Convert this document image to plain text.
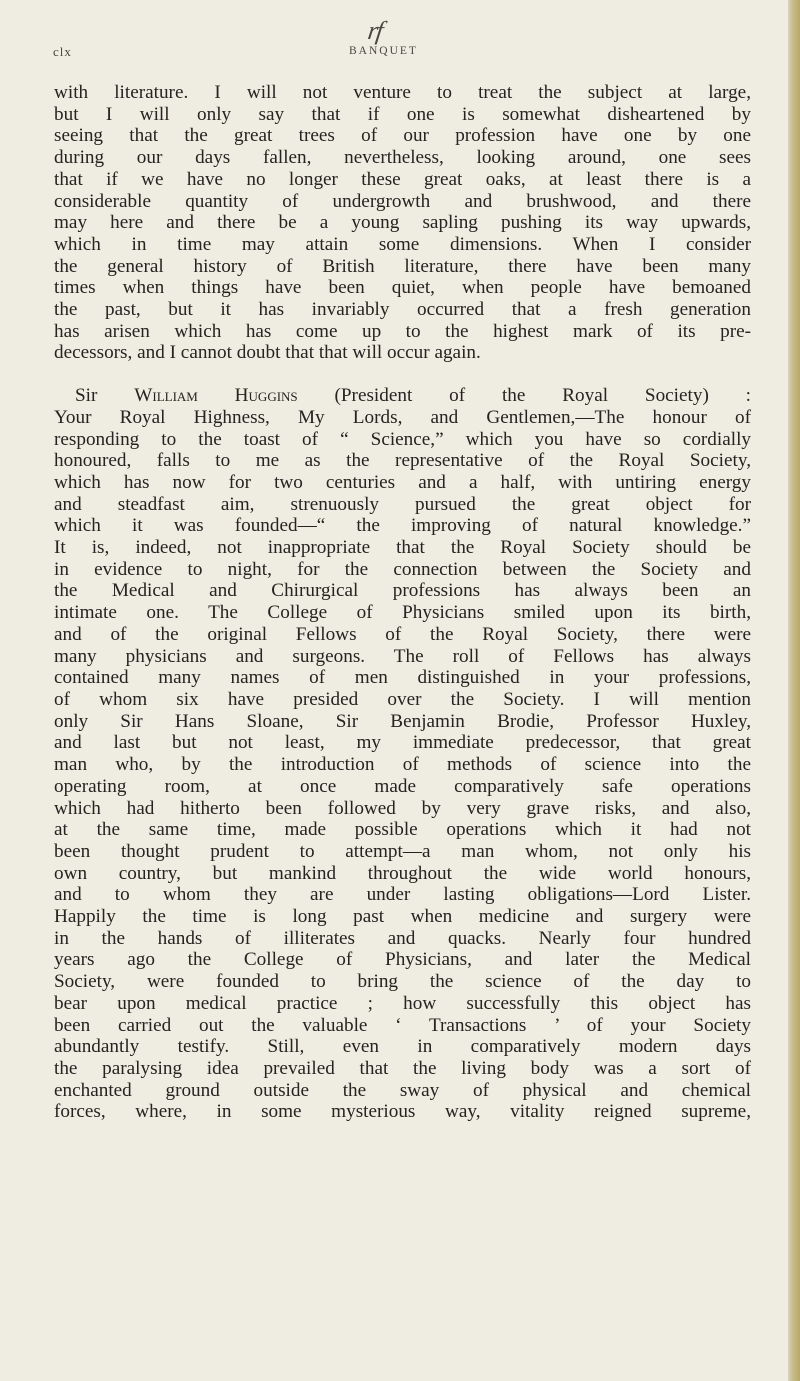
rf
clx	BANQUET
with literature. I will not venture to treat the subject at large,
but I will only say that if one is somewhat disheartened by
seeing that the great trees of our profession have one by one
during our days fallen, nevertheless, looking around, one sees
that if we have no longer these great oaks, at least there is a
considerable quantity of undergrowth and brushwood, and there
may here and there be a young sapling pushing its way upwards,
which in time may attain some dimensions. When I consider
the general history of British literature, there have been many
times when things have been quiet, when people have bemoaned
the past, but it has invariably occurred that a fresh generation
has arisen which has come up to the highest mark of its pre-
decessors, and I cannot doubt that that will occur again.
Sir William Huggins (President of the Royal Society) :
Your Royal Highness, My Lords, and Gentlemen,—The honour of
responding to the toast of “ Science,” which you have so cordially
honoured, falls to me as the representative of the Royal Society,
which has now for two centuries and a half, with untiring energy
and steadfast aim, strenuously pursued the great object for
which it was founded—“ the improving of natural knowledge.”
It is, indeed, not inappropriate that the Royal Society should be
in evidence to night, for the connection between the Society and
the Medical and Chirurgical professions has always been an
intimate one. The College of Physicians smiled upon its birth,
and of the original Fellows of the Royal Society, there were
many physicians and surgeons. The roll of Fellows has always
contained many names of men distinguished in your professions,
of whom six have presided over the Society. I will mention
only Sir Hans Sloane, Sir Benjamin Brodie, Professor Huxley,
and last but not least, my immediate predecessor, that great
man who, by the introduction of methods of science into the
operating room, at once made comparatively safe operations
which had hitherto been followed by very grave risks, and also,
at the same time, made possible operations which it had not
been thought prudent to attempt—a man whom, not only his
own country, but mankind throughout the wide world honours,
and to whom they are under lasting obligations—Lord Lister.
Happily the time is long past when medicine and surgery were
in the hands of illiterates and quacks. Nearly four hundred
years ago the College of Physicians, and later the Medical
Society, were founded to bring the science of the day to
bear upon medical practice ; how successfully this object has
been carried out the valuable ‘ Transactions ’ of your Society
abundantly testify. Still, even in comparatively modern days
the paralysing idea prevailed that the living body was a sort of
enchanted ground outside the sway of physical and chemical
forces, where, in some mysterious way, vitality reigned supreme,
